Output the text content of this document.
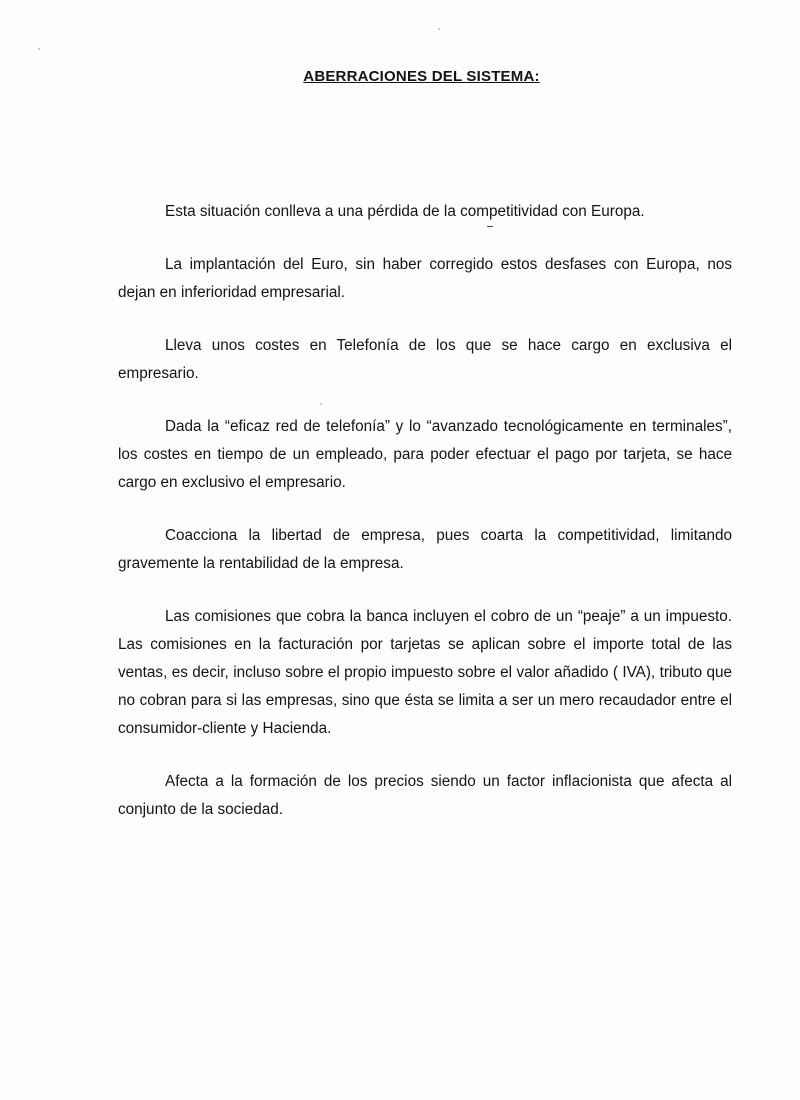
ABERRACIONES DEL SISTEMA:

Esta situación conlleva a una pérdida de la competitividad con Europa.

La implantación del Euro, sin haber corregido estos desfases con Europa, nos dejan en inferioridad empresarial.

Lleva unos costes en Telefonía de los que se hace cargo en exclusiva el empresario.

Dada la “eficaz red de telefonía” y lo “avanzado tecnológicamente en terminales”, los costes en tiempo de un empleado, para poder efectuar el pago por tarjeta, se hace cargo en exclusivo el empresario.

Coacciona la libertad de empresa, pues coarta la competitividad, limitando gravemente la rentabilidad de la empresa.

Las comisiones que cobra la banca incluyen el cobro de un “peaje” a un impuesto. Las comisiones en la facturación por tarjetas se aplican sobre el importe total de las ventas, es decir, incluso sobre el propio impuesto sobre el valor añadido ( IVA), tributo que no cobran para si las empresas, sino que ésta se limita a ser un mero recaudador entre el consumidor-cliente y Hacienda.

Afecta a la formación de los precios siendo un factor inflacionista que afecta al conjunto de la sociedad.
